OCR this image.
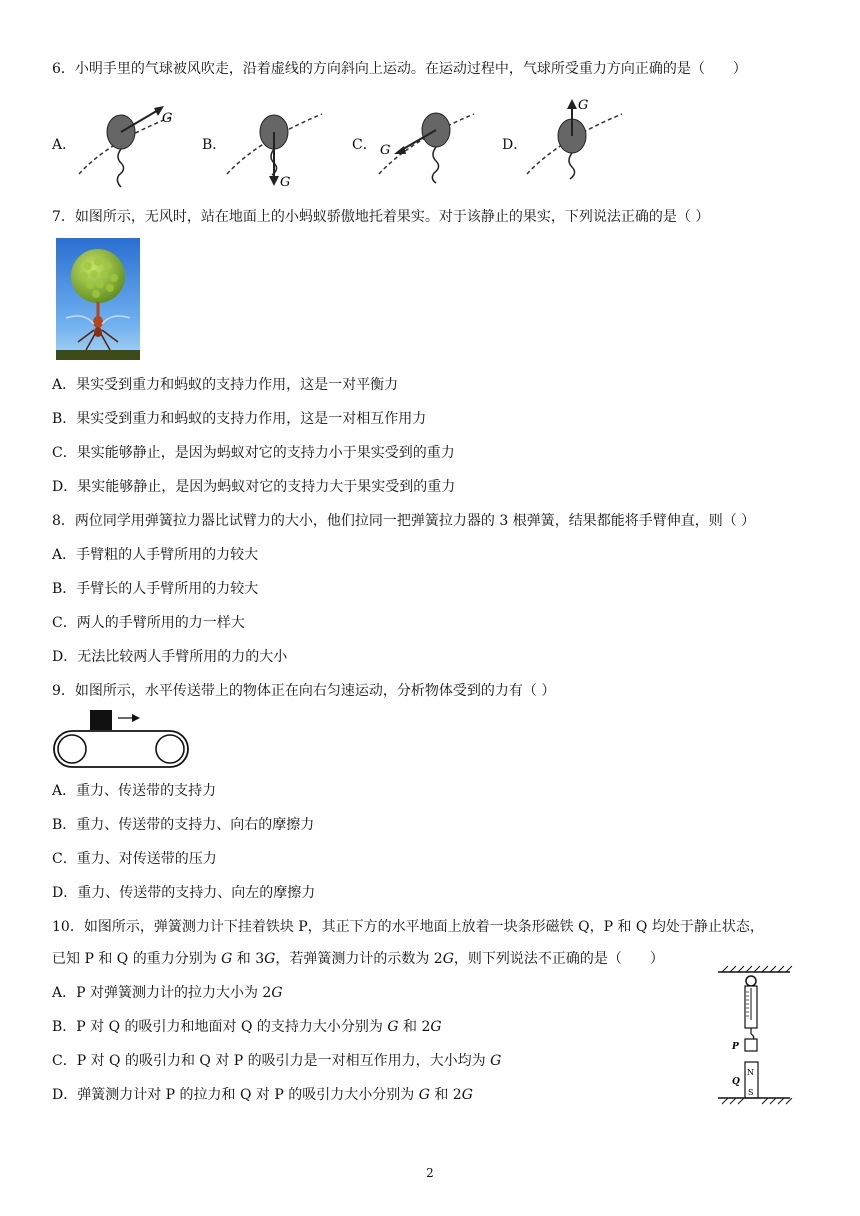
6．小明手里的气球被风吹走，沿着虚线的方向斜向上运动。在运动过程中，气球所受重力方向正确的是（　　）
A．
G
B．
G
C． G	D．
G
7．如图所示，无风时，站在地面上的小蚂蚁骄傲地托着果实。对于该静止的果实，下列说法正确的是（ ）
A．果实受到重力和蚂蚁的支持力作用，这是一对平衡力
B．果实受到重力和蚂蚁的支持力作用，这是一对相互作用力
C．果实能够静止，是因为蚂蚁对它的支持力小于果实受到的重力
D．果实能够静止，是因为蚂蚁对它的支持力大于果实受到的重力
8．两位同学用弹簧拉力器比试臂力的大小，他们拉同一把弹簧拉力器的 3 根弹簧，结果都能将手臂伸直，则（ ）
A．手臂粗的人手臂所用的力较大
B．手臂长的人手臂所用的力较大
C．两人的手臂所用的力一样大
D．无法比较两人手臂所用的力的大小
9．如图所示，水平传送带上的物体正在向右匀速运动，分析物体受到的力有（ ）
A．重力、传送带的支持力
B．重力、传送带的支持力、向右的摩擦力
C．重力、对传送带的压力
D．重力、传送带的支持力、向左的摩擦力
10．如图所示，弹簧测力计下挂着铁块 P，其正下方的水平地面上放着一块条形磁铁 Q，P 和 Q 均处于静止状态，
已知 P 和 Q 的重力分别为 G 和 3G，若弹簧测力计的示数为 2G，则下列说法不正确的是（　　）
A．P 对弹簧测力计的拉力大小为 2G
B．P 对 Q 的吸引力和地面对 Q 的支持力大小分别为 G 和 2G
C．P 对 Q 的吸引力和 Q 对 P 的吸引力是一对相互作用力，大小均为 G
D．弹簧测力计对 P 的拉力和 Q 对 P 的吸引力大小分别为 G 和 2G
P
N
S
Q
2
